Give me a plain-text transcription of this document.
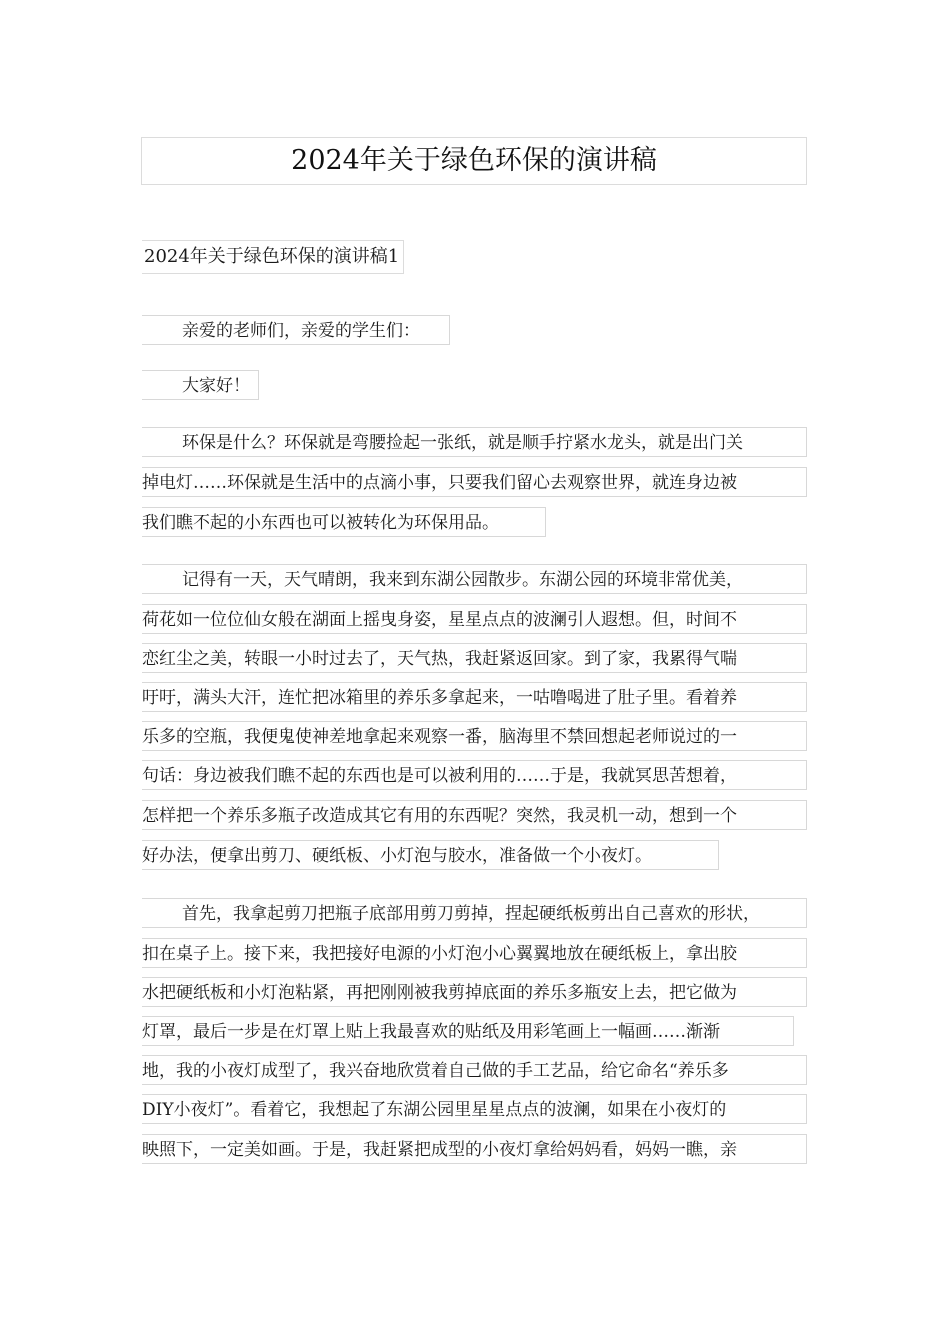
2024年关于绿色环保的演讲稿
2024年关于绿色环保的演讲稿1
亲爱的老师们，亲爱的学生们：
大家好！
环保是什么？环保就是弯腰捡起一张纸，就是顺手拧紧水龙头，就是出门关
掉电灯……环保就是生活中的点滴小事，只要我们留心去观察世界，就连身边被
我们瞧不起的小东西也可以被转化为环保用品。
记得有一天，天气晴朗，我来到东湖公园散步。东湖公园的环境非常优美，
荷花如一位位仙女般在湖面上摇曳身姿，星星点点的波澜引人遐想。但，时间不
恋红尘之美，转眼一小时过去了，天气热，我赶紧返回家。到了家，我累得气喘
吁吁，满头大汗，连忙把冰箱里的养乐多拿起来，一咕噜喝进了肚子里。看着养
乐多的空瓶，我便鬼使神差地拿起来观察一番，脑海里不禁回想起老师说过的一
句话：身边被我们瞧不起的东西也是可以被利用的……于是，我就冥思苦想着，
怎样把一个养乐多瓶子改造成其它有用的东西呢？突然，我灵机一动，想到一个
好办法，便拿出剪刀、硬纸板、小灯泡与胶水，准备做一个小夜灯。
首先，我拿起剪刀把瓶子底部用剪刀剪掉，捏起硬纸板剪出自己喜欢的形状，
扣在桌子上。接下来，我把接好电源的小灯泡小心翼翼地放在硬纸板上，拿出胶
水把硬纸板和小灯泡粘紧，再把刚刚被我剪掉底面的养乐多瓶安上去，把它做为
灯罩，最后一步是在灯罩上贴上我最喜欢的贴纸及用彩笔画上一幅画……渐渐
地，我的小夜灯成型了，我兴奋地欣赏着自己做的手工艺品，给它命名“养乐多
DIY小夜灯”。看着它，我想起了东湖公园里星星点点的波澜，如果在小夜灯的
映照下，一定美如画。于是，我赶紧把成型的小夜灯拿给妈妈看，妈妈一瞧，亲
